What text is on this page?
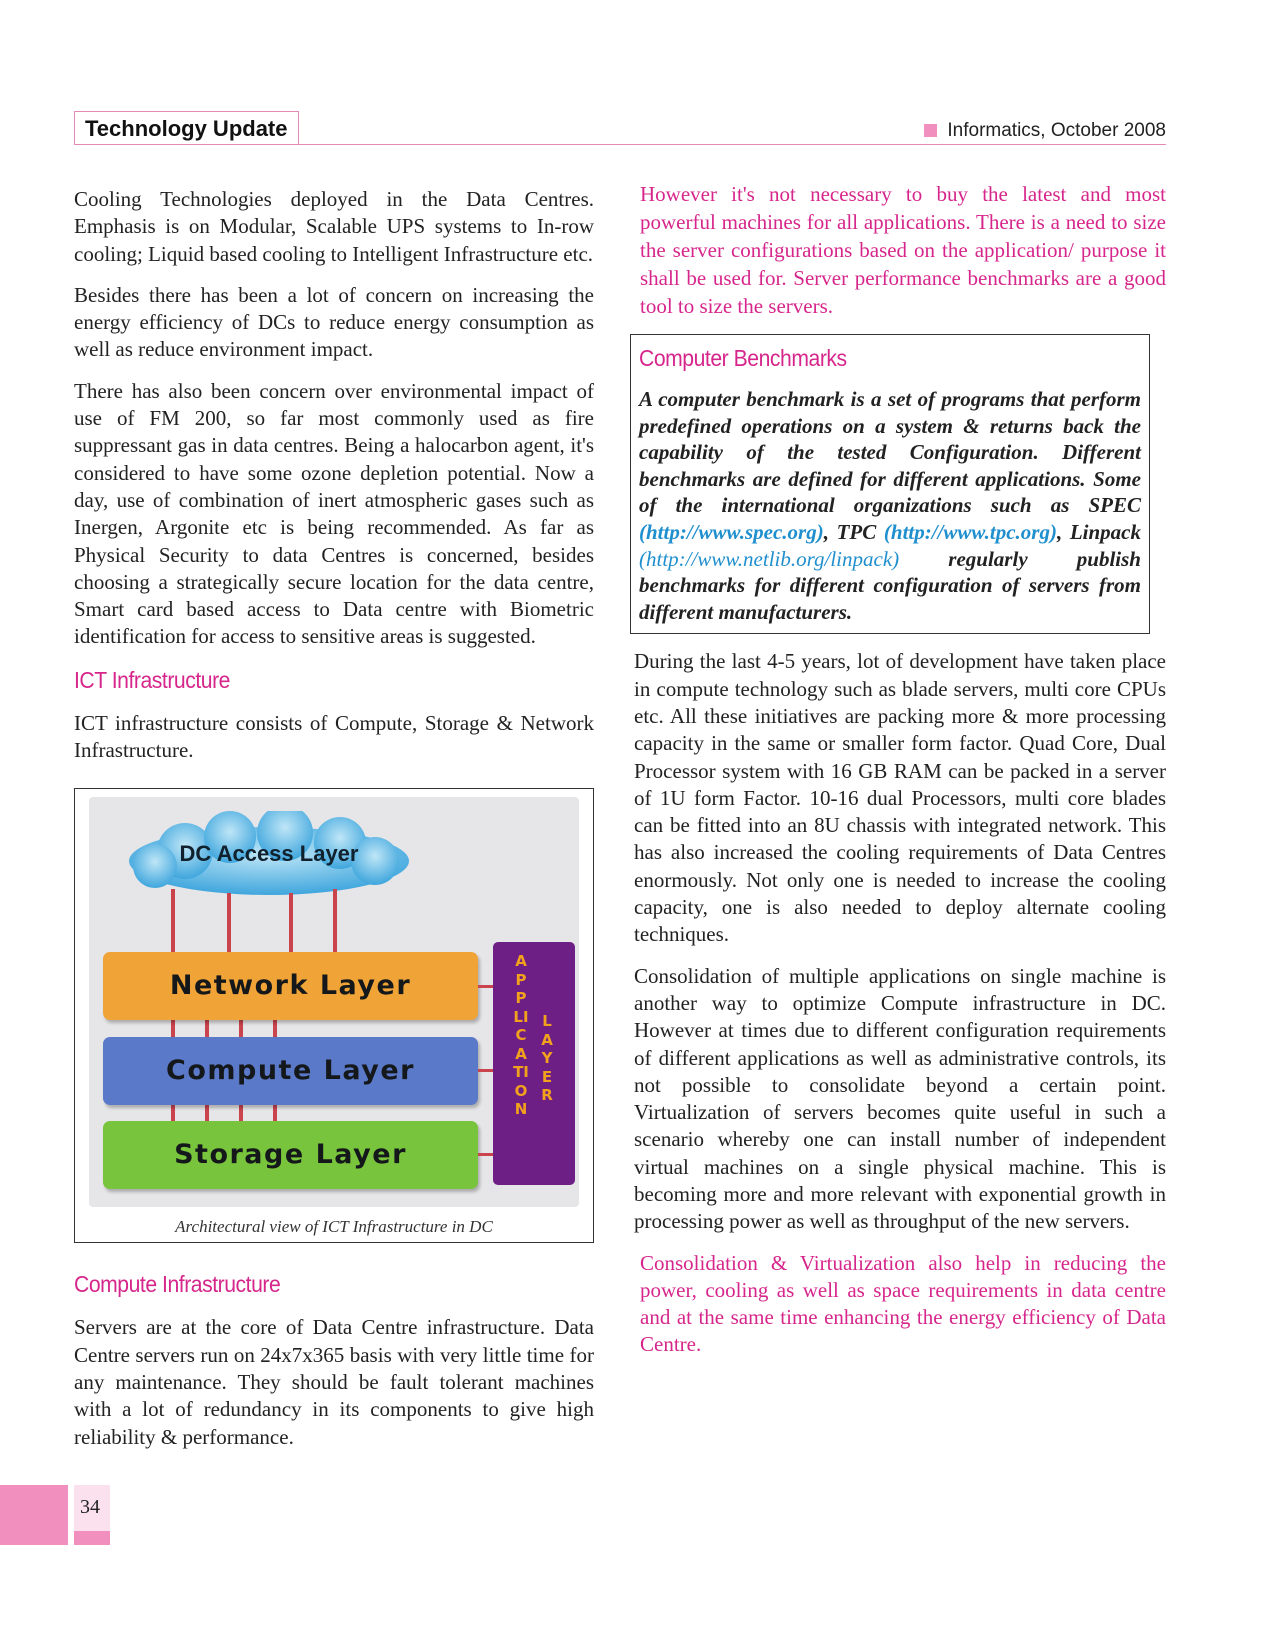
Technology Update	Informatics, October 2008

Cooling Technologies deployed in the Data Centres. Emphasis is on Modular, Scalable UPS systems to In-row cooling; Liquid based cooling to Intelligent Infrastructure etc.

Besides there has been a lot of concern on increasing the energy efficiency of DCs to reduce energy consumption as well as reduce environment impact.

There has also been concern over environmental impact of use of FM 200, so far most commonly used as fire suppressant gas in data centres. Being a halocarbon agent, it's considered to have some ozone depletion potential. Now a day, use of combination of inert atmospheric gases such as Inergen, Argonite etc is being recommended. As far as Physical Security to data Centres is concerned, besides choosing a strategically secure location for the data centre, Smart card based access to Data centre with Biometric identification for access to sensitive areas is suggested.

ICT Infrastructure

ICT infrastructure consists of Compute, Storage & Network Infrastructure.

DC Access Layer
Network Layer
Compute Layer
Storage Layer
APPLICATION
LAYER
Architectural view of ICT Infrastructure in DC
Compute Infrastructure

Servers are at the core of Data Centre infrastructure. Data Centre servers run on 24x7x365 basis with very little time for any maintenance. They should be fault tolerant machines with a lot of redundancy in its components to give high reliability & performance.

However it's not necessary to buy the latest and most powerful machines for all applications. There is a need to size the server configurations based on the application/ purpose it shall be used for. Server performance benchmarks are a good tool to size the servers.

Computer Benchmarks

A computer benchmark is a set of programs that perform predefined operations on a system & returns back the capability of the tested Configuration. Different benchmarks are defined for different applications. Some of the international organizations such as SPEC (http://www.spec.org), TPC (http://www.tpc.org), Linpack (http://www.netlib.org/linpack) regularly publish benchmarks for different configuration of servers from different manufacturers.

During the last 4-5 years, lot of development have taken place in compute technology such as blade servers, multi core CPUs etc. All these initiatives are packing more & more processing capacity in the same or smaller form factor. Quad Core, Dual Processor system with 16 GB RAM can be packed in a server of 1U form Factor. 10-16 dual Processors, multi core blades can be fitted into an 8U chassis with integrated network. This has also increased the cooling requirements of Data Centres enormously. Not only one is needed to increase the cooling capacity, one is also needed to deploy alternate cooling techniques.

Consolidation of multiple applications on single machine is another way to optimize Compute infrastructure in DC. However at times due to different configuration requirements of different applications as well as administrative controls, its not possible to consolidate beyond a certain point. Virtualization of servers becomes quite useful in such a scenario whereby one can install number of independent virtual machines on a single physical machine. This is becoming more and more relevant with exponential growth in processing power as well as throughput of the new servers.

Consolidation & Virtualization also help in reducing the power, cooling as well as space requirements in data centre and at the same time enhancing the energy efficiency of Data Centre.

34
